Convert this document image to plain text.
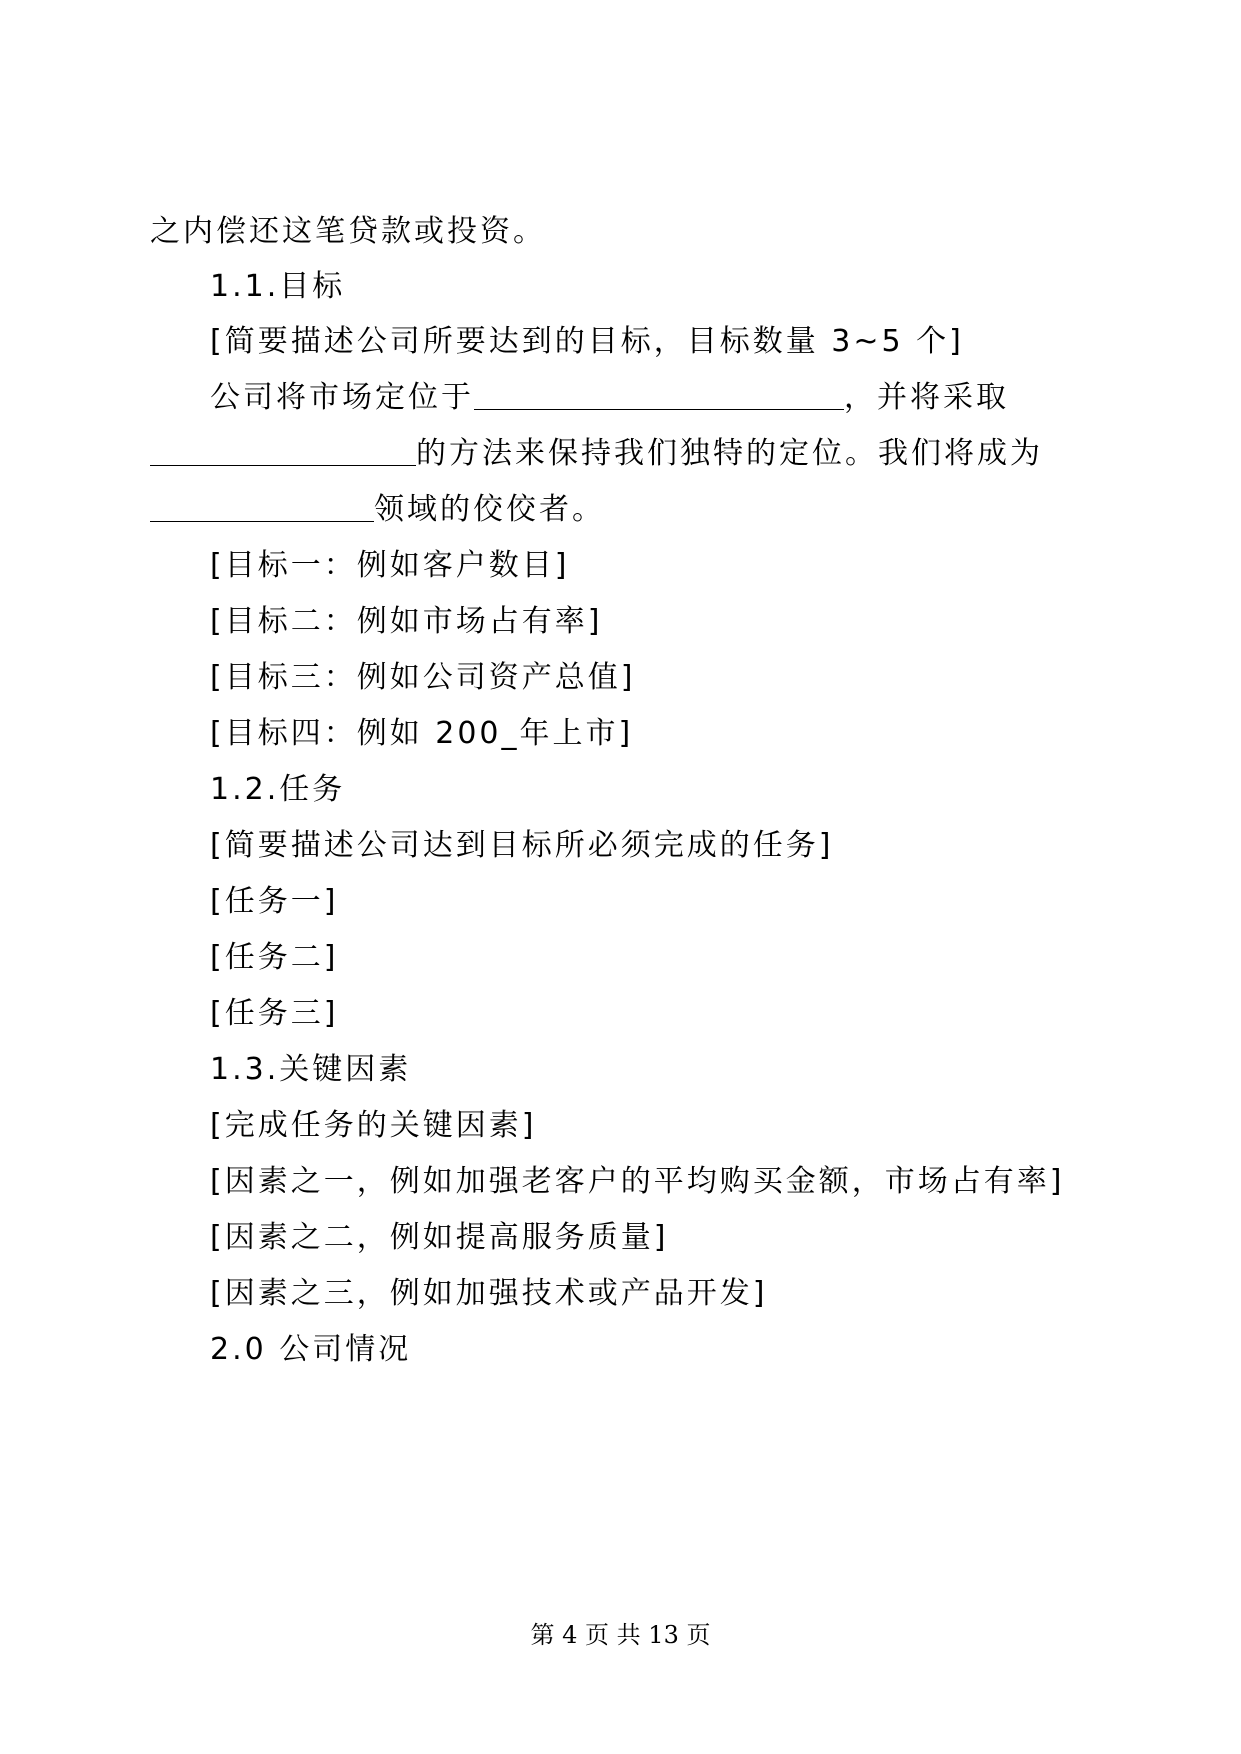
之内偿还这笔贷款或投资。
1.1.目标
[简要描述公司所要达到的目标，目标数量 3~5 个]
公司将市场定位于	，并将采取
的方法来保持我们独特的定位。我们将成为
领域的佼佼者。
[目标一：例如客户数目]
[目标二：例如市场占有率]
[目标三：例如公司资产总值]
[目标四：例如 200_年上市]
1.2.任务
[简要描述公司达到目标所必须完成的任务]
[任务一]
[任务二]
[任务三]
1.3.关键因素
[完成任务的关键因素]
[因素之一，例如加强老客户的平均购买金额，市场占有率]
[因素之二，例如提高服务质量]
[因素之三，例如加强技术或产品开发]
2.0 公司情况
第 4 页 共 13 页
